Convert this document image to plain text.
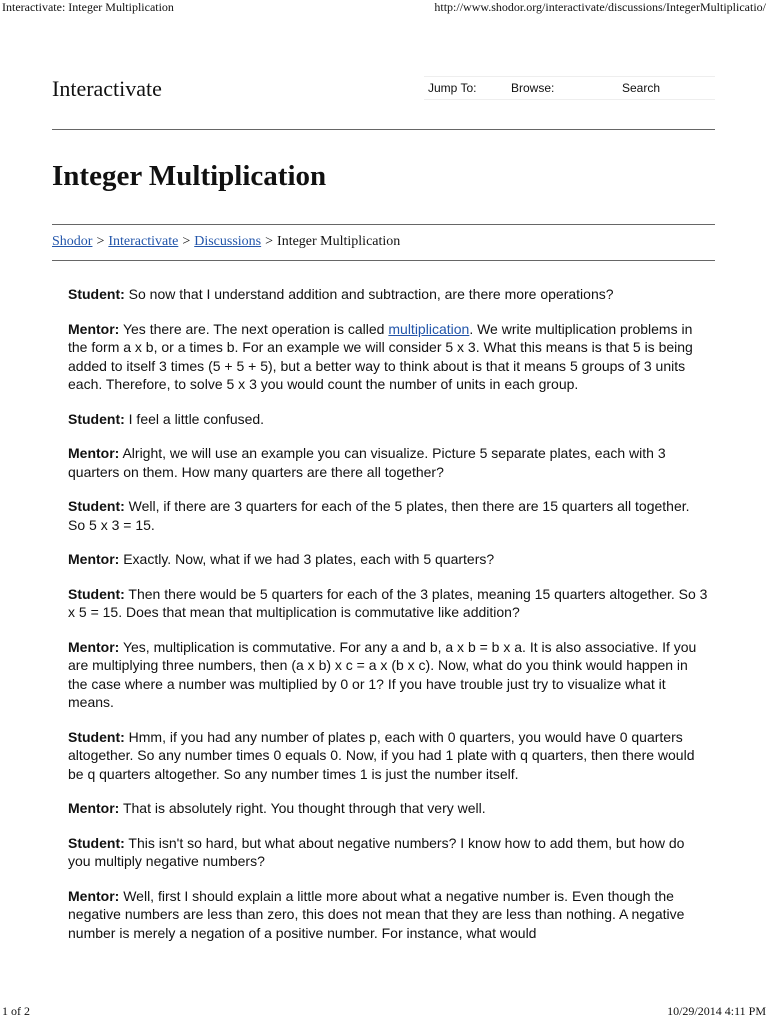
Interactivate: Integer Multiplication	http://www.shodor.org/interactivate/discussions/IntegerMultiplicatio/
Interactivate	Jump To:	Browse:	Search
Integer Multiplication
Shodor > Interactivate > Discussions > Integer Multiplication

Student: So now that I understand addition and subtraction, are there more operations?

Mentor: Yes there are. The next operation is called multiplication. We write multiplication problems in the form a x b, or a times b. For an example we will consider 5 x 3. What this means is that 5 is being added to itself 3 times (5 + 5 + 5), but a better way to think about is that it means 5 groups of 3 units each. Therefore, to solve 5 x 3 you would count the number of units in each group.

Student: I feel a little confused.

Mentor: Alright, we will use an example you can visualize. Picture 5 separate plates, each with 3 quarters on them. How many quarters are there all together?

Student: Well, if there are 3 quarters for each of the 5 plates, then there are 15 quarters all together. So 5 x 3 = 15.

Mentor: Exactly. Now, what if we had 3 plates, each with 5 quarters?

Student: Then there would be 5 quarters for each of the 3 plates, meaning 15 quarters altogether. So 3 x 5 = 15. Does that mean that multiplication is commutative like addition?

Mentor: Yes, multiplication is commutative. For any a and b, a x b = b x a. It is also associative. If you are multiplying three numbers, then (a x b) x c = a x (b x c). Now, what do you think would happen in the case where a number was multiplied by 0 or 1? If you have trouble just try to visualize what it means.

Student: Hmm, if you had any number of plates p, each with 0 quarters, you would have 0 quarters altogether. So any number times 0 equals 0. Now, if you had 1 plate with q quarters, then there would be q quarters altogether. So any number times 1 is just the number itself.

Mentor: That is absolutely right. You thought through that very well.

Student: This isn't so hard, but what about negative numbers? I know how to add them, but how do you multiply negative numbers?

Mentor: Well, first I should explain a little more about what a negative number is. Even though the negative numbers are less than zero, this does not mean that they are less than nothing. A negative number is merely a negation of a positive number. For instance, what would

1 of 2	10/29/2014 4:11 PM
